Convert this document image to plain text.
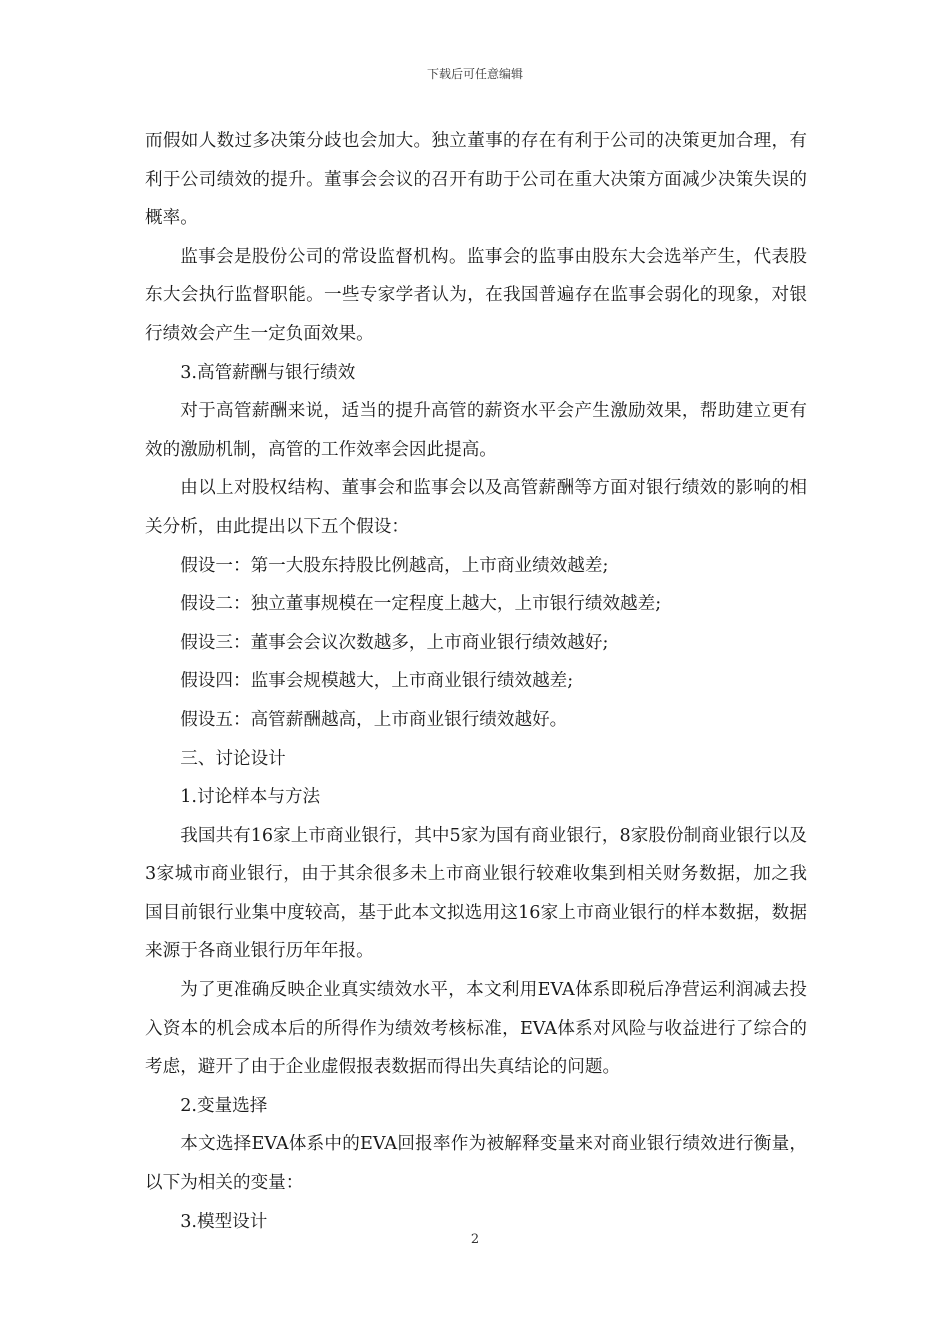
下载后可任意编辑

而假如人数过多决策分歧也会加大。独立董事的存在有利于公司的决策更加合理，有利于公司绩效的提升。董事会会议的召开有助于公司在重大决策方面减少决策失误的概率。

监事会是股份公司的常设监督机构。监事会的监事由股东大会选举产生，代表股东大会执行监督职能。一些专家学者认为，在我国普遍存在监事会弱化的现象，对银行绩效会产生一定负面效果。

3.高管薪酬与银行绩效

对于高管薪酬来说，适当的提升高管的薪资水平会产生激励效果，帮助建立更有效的激励机制，高管的工作效率会因此提高。

由以上对股权结构、董事会和监事会以及高管薪酬等方面对银行绩效的影响的相关分析，由此提出以下五个假设：

假设一：第一大股东持股比例越高，上市商业绩效越差;

假设二：独立董事规模在一定程度上越大，上市银行绩效越差;

假设三：董事会会议次数越多，上市商业银行绩效越好;

假设四：监事会规模越大，上市商业银行绩效越差;

假设五：高管薪酬越高，上市商业银行绩效越好。

三、讨论设计

1.讨论样本与方法

我国共有16家上市商业银行，其中5家为国有商业银行，8家股份制商业银行以及3家城市商业银行，由于其余很多未上市商业银行较难收集到相关财务数据，加之我国目前银行业集中度较高，基于此本文拟选用这16家上市商业银行的样本数据，数据来源于各商业银行历年年报。

为了更准确反映企业真实绩效水平，本文利用EVA体系即税后净营运利润减去投入资本的机会成本后的所得作为绩效考核标准，EVA体系对风险与收益进行了综合的考虑，避开了由于企业虚假报表数据而得出失真结论的问题。

2.变量选择

本文选择EVA体系中的EVA回报率作为被解释变量来对商业银行绩效进行衡量，以下为相关的变量：

3.模型设计

2
